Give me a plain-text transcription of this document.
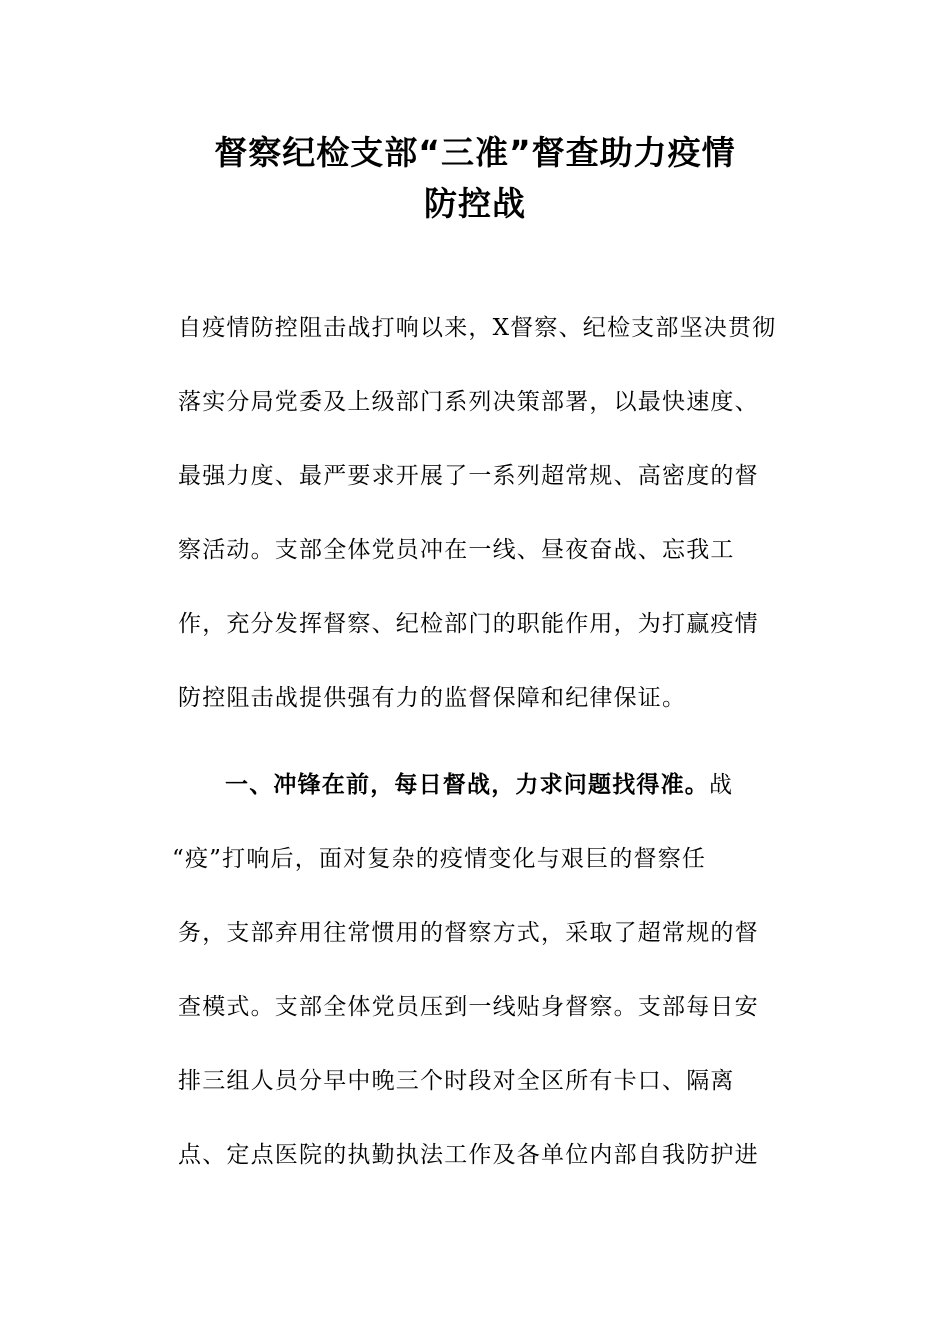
督察纪检支部“三准”督查助力疫情
防控战
自疫情防控阻击战打响以来，X督察、纪检支部坚决贯彻
落实分局党委及上级部门系列决策部署，以最快速度、
最强力度、最严要求开展了一系列超常规、高密度的督
察活动。支部全体党员冲在一线、昼夜奋战、忘我工
作，充分发挥督察、纪检部门的职能作用，为打赢疫情
防控阻击战提供强有力的监督保障和纪律保证。
一、冲锋在前，每日督战，力求问题找得准。战
“疫”打响后，面对复杂的疫情变化与艰巨的督察任
务，支部弃用往常惯用的督察方式，采取了超常规的督
查模式。支部全体党员压到一线贴身督察。支部每日安
排三组人员分早中晚三个时段对全区所有卡口、隔离
点、定点医院的执勤执法工作及各单位内部自我防护进
